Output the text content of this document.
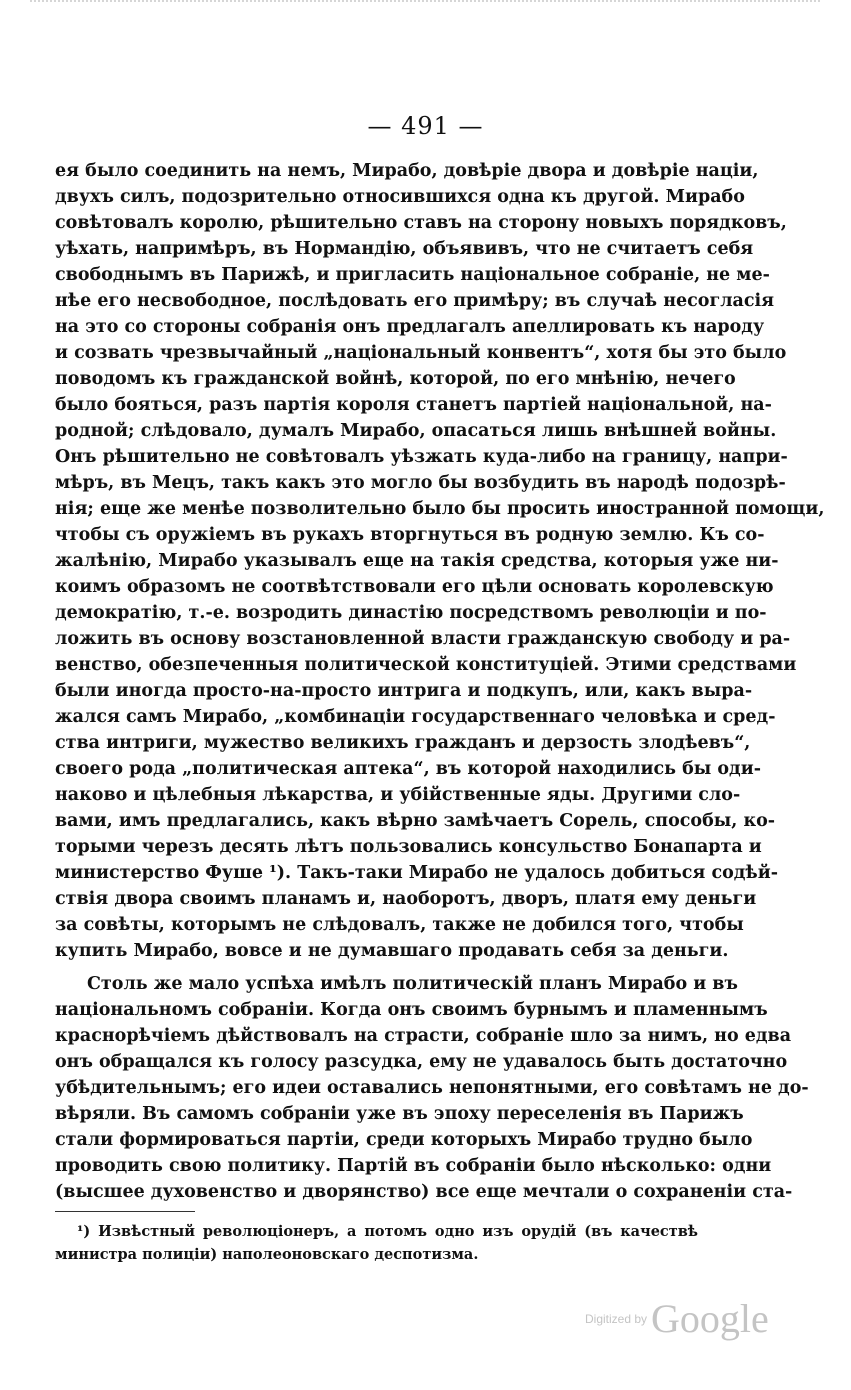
— 491 —
ея было соединить на немъ, Мирабо, довѣріе двора и довѣріе націи,
двухъ силъ, подозрительно относившихся одна къ другой. Мирабо
совѣтовалъ королю, рѣшительно ставъ на сторону новыхъ порядковъ,
уѣхать, напримѣръ, въ Нормандію, объявивъ, что не считаетъ себя
свободнымъ въ Парижѣ, и пригласить національное собраніе, не ме-
нѣе его несвободное, послѣдовать его примѣру; въ случаѣ несогласія
на это со стороны собранія онъ предлагалъ апеллировать къ народу
и созвать чрезвычайный „національный конвентъ“, хотя бы это было
поводомъ къ гражданской войнѣ, которой, по его мнѣнію, нечего
было бояться, разъ партія короля станетъ партіей національной, на-
родной; слѣдовало, думалъ Мирабо, опасаться лишь внѣшней войны.
Онъ рѣшительно не совѣтовалъ уѣзжать куда-либо на границу, напри-
мѣръ, въ Мецъ, такъ какъ это могло бы возбудить въ народѣ подозрѣ-
нія; еще же менѣе позволительно было бы просить иностранной помощи,
чтобы съ оружіемъ въ рукахъ вторгнуться въ родную землю. Къ со-
жалѣнію, Мирабо указывалъ еще на такія средства, которыя уже ни-
коимъ образомъ не соотвѣтствовали его цѣли основать королевскую
демократію, т.-е. возродить династію посредствомъ революціи и по-
ложить въ основу возстановленной власти гражданскую свободу и ра-
венство, обезпеченныя политической конституціей. Этими средствами
были иногда просто-на-просто интрига и подкупъ, или, какъ выра-
жался самъ Мирабо, „комбинаціи государственнаго человѣка и сред-
ства интриги, мужество великихъ гражданъ и дерзость злодѣевъ“,
своего рода „политическая аптека“, въ которой находились бы оди-
наково и цѣлебныя лѣкарства, и убійственные яды. Другими сло-
вами, имъ предлагались, какъ вѣрно замѣчаетъ Сорель, способы, ко-
торыми черезъ десять лѣтъ пользовались консульство Бонапарта и
министерство Фуше ¹). Такъ-таки Мирабо не удалось добиться содѣй-
ствія двора своимъ планамъ и, наоборотъ, дворъ, платя ему деньги
за совѣты, которымъ не слѣдовалъ, также не добился того, чтобы
купить Мирабо, вовсе и не думавшаго продавать себя за деньги.
Столь же мало успѣха имѣлъ политическій планъ Мирабо и въ
національномъ собраніи. Когда онъ своимъ бурнымъ и пламеннымъ
краснорѣчіемъ дѣйствовалъ на страсти, собраніе шло за нимъ, но едва
онъ обращался къ голосу разсудка, ему не удавалось быть достаточно
убѣдительнымъ; его идеи оставались непонятными, его совѣтамъ не до-
вѣряли. Въ самомъ собраніи уже въ эпоху переселенія въ Парижъ
стали формироваться партіи, среди которыхъ Мирабо трудно было
проводить свою политику. Партій въ собраніи было нѣсколько: одни
(высшее духовенство и дворянство) все еще мечтали о сохраненіи ста-
¹) Извѣстный революціонеръ, а потомъ одно изъ орудій (въ качествѣ
министра полиціи) наполеоновскаго деспотизма.
Digitized by Google
